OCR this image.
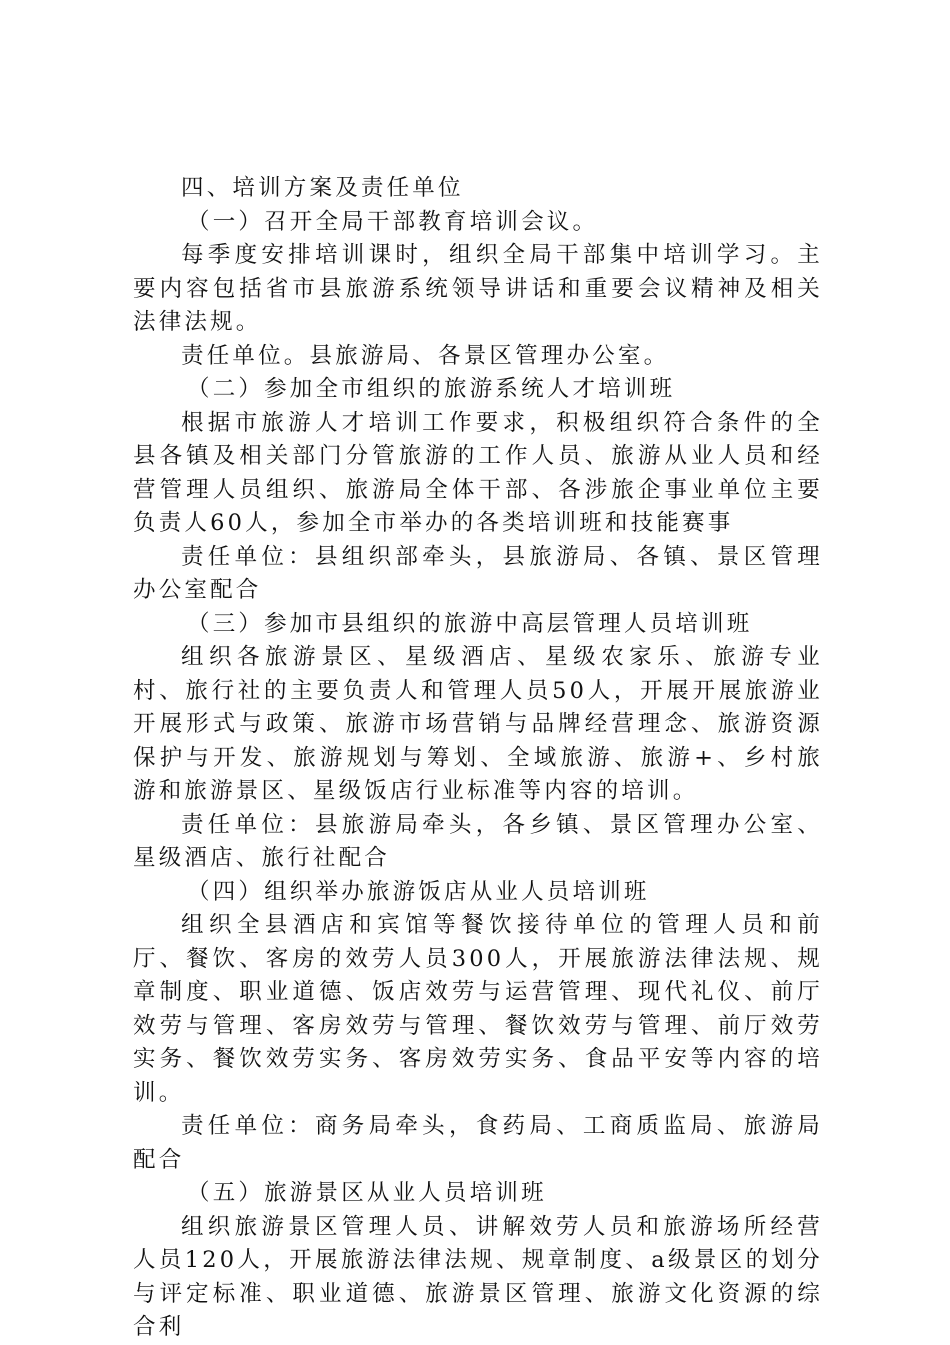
四、培训方案及责任单位

（一）召开全局干部教育培训会议。

每季度安排培训课时，组织全局干部集中培训学习。主要内容包括省市县旅游系统领导讲话和重要会议精神及相关法律法规。

责任单位。县旅游局、各景区管理办公室。

（二）参加全市组织的旅游系统人才培训班

根据市旅游人才培训工作要求，积极组织符合条件的全县各镇及相关部门分管旅游的工作人员、旅游从业人员和经营管理人员组织、旅游局全体干部、各涉旅企事业单位主要负责人60人，参加全市举办的各类培训班和技能赛事

责任单位：县组织部牵头，县旅游局、各镇、景区管理办公室配合

（三）参加市县组织的旅游中高层管理人员培训班

组织各旅游景区、星级酒店、星级农家乐、旅游专业村、旅行社的主要负责人和管理人员50人，开展开展旅游业开展形式与政策、旅游市场营销与品牌经营理念、旅游资源保护与开发、旅游规划与筹划、全域旅游、旅游+、乡村旅游和旅游景区、星级饭店行业标准等内容的培训。

责任单位：县旅游局牵头，各乡镇、景区管理办公室、星级酒店、旅行社配合

（四）组织举办旅游饭店从业人员培训班

组织全县酒店和宾馆等餐饮接待单位的管理人员和前厅、餐饮、客房的效劳人员300人，开展旅游法律法规、规章制度、职业道德、饭店效劳与运营管理、现代礼仪、前厅效劳与管理、客房效劳与管理、餐饮效劳与管理、前厅效劳实务、餐饮效劳实务、客房效劳实务、食品平安等内容的培训。

责任单位：商务局牵头，食药局、工商质监局、旅游局配合

（五）旅游景区从业人员培训班

组织旅游景区管理人员、讲解效劳人员和旅游场所经营人员120人，开展旅游法律法规、规章制度、a级景区的划分与评定标准、职业道德、旅游景区管理、旅游文化资源的综合利
